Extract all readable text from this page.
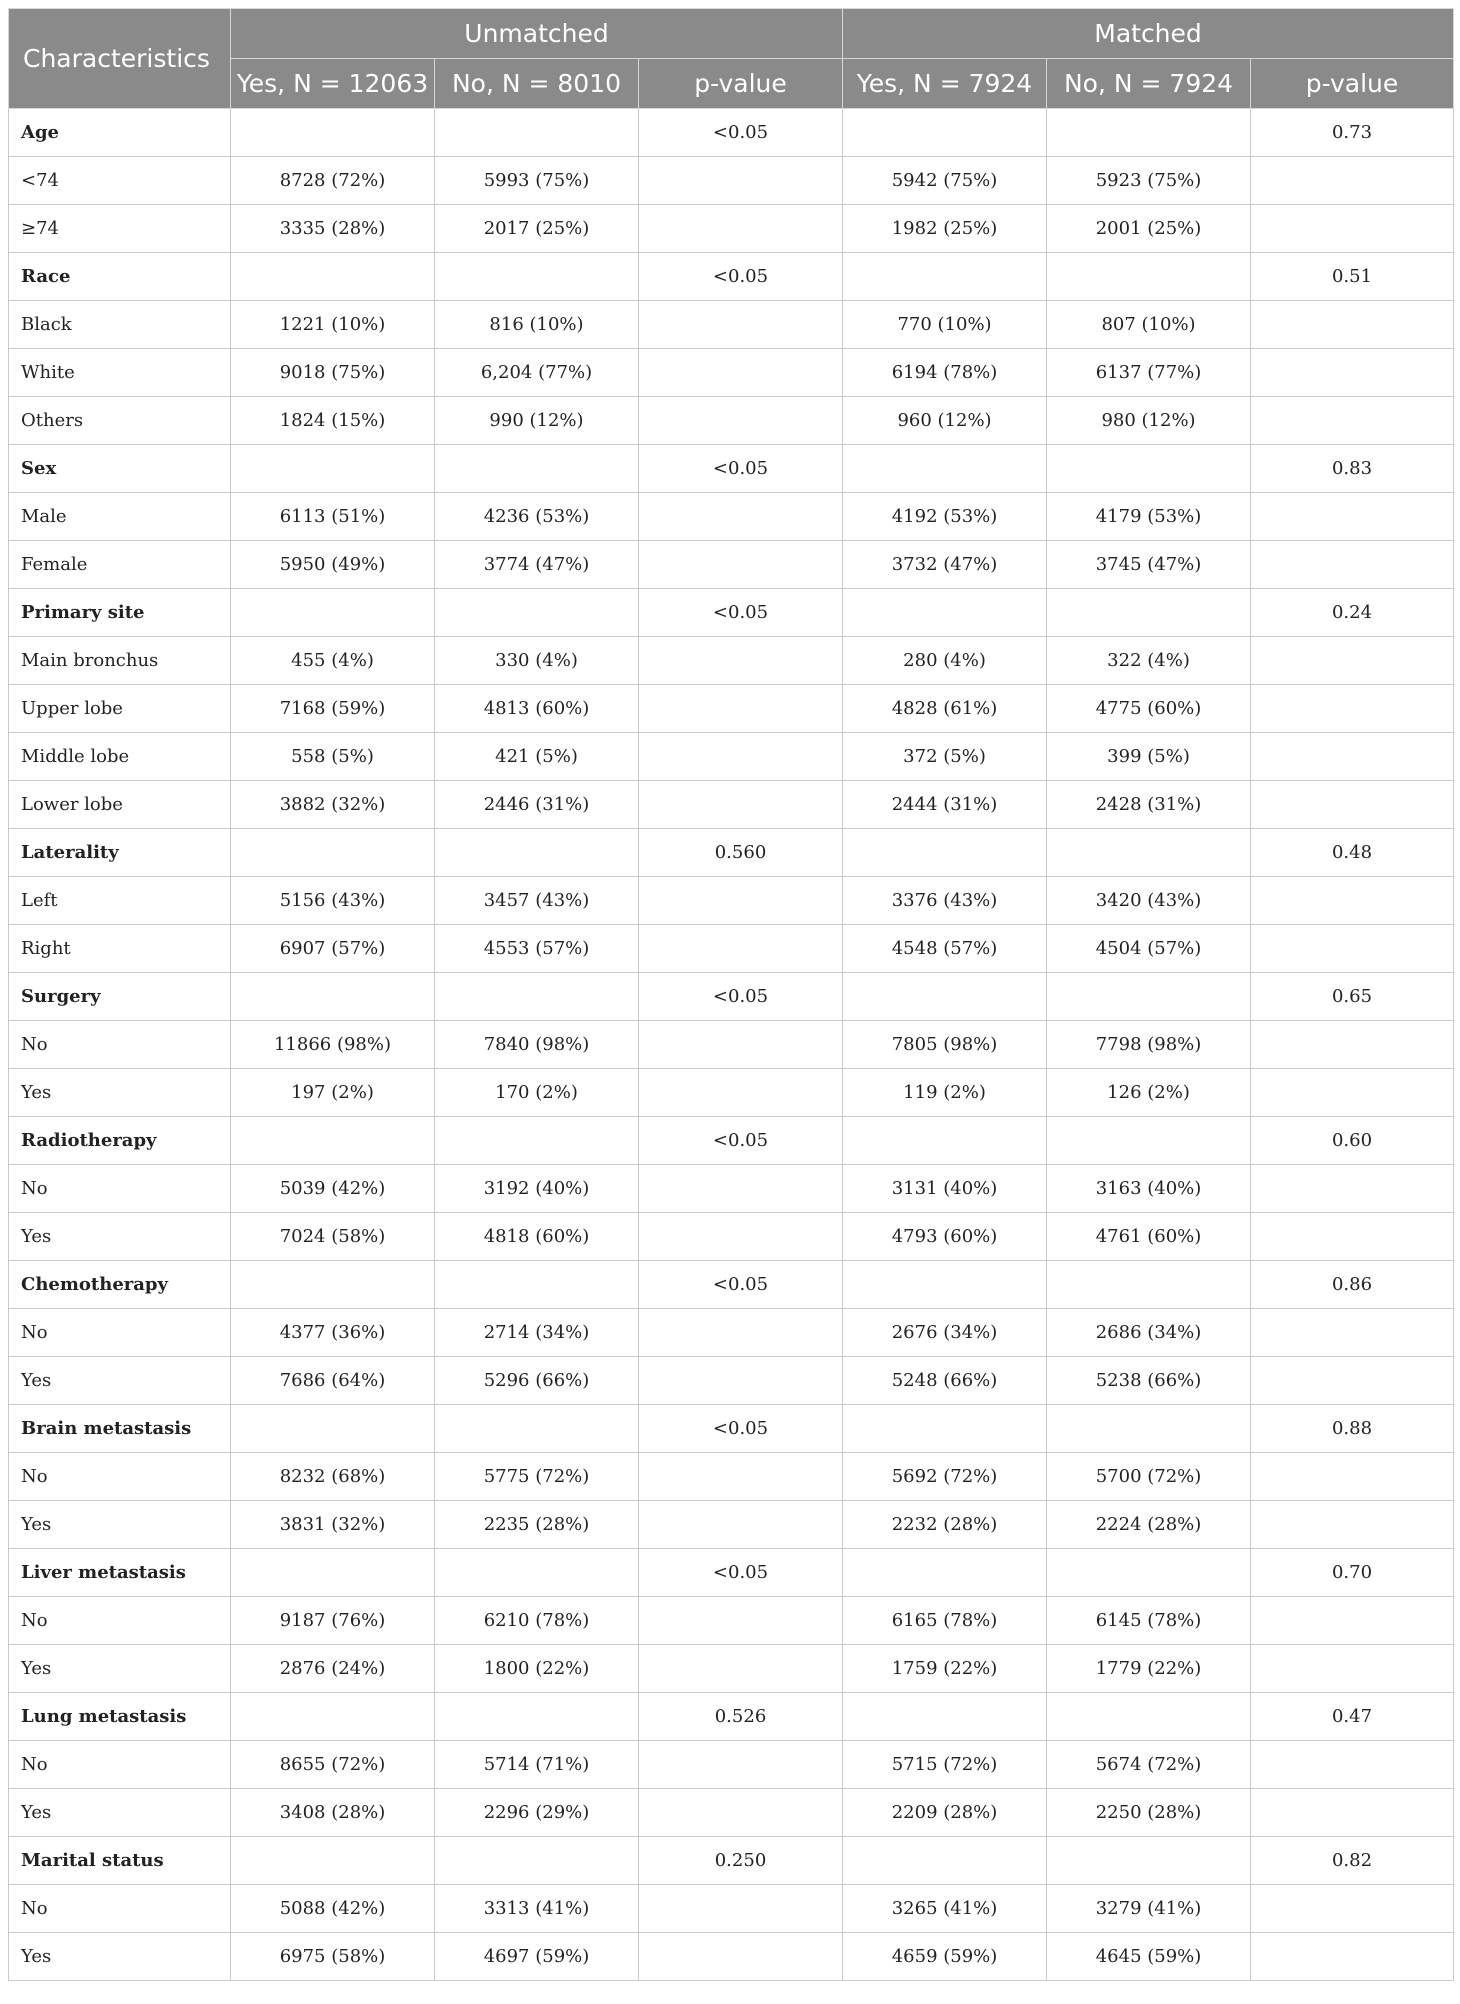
Characteristics	Unmatched			Matched		
	Yes, N = 12063	No, N = 8010	p-value	Yes, N = 7924	No, N = 7924	p-value
Age			<0.05			0.73
<74	8728 (72%)	5993 (75%)		5942 (75%)	5923 (75%)	
≥74	3335 (28%)	2017 (25%)		1982 (25%)	2001 (25%)	
Race			<0.05			0.51
Black	1221 (10%)	816 (10%)		770 (10%)	807 (10%)	
White	9018 (75%)	6,204 (77%)		6194 (78%)	6137 (77%)	
Others	1824 (15%)	990 (12%)		960 (12%)	980 (12%)	
Sex			<0.05			0.83
Male	6113 (51%)	4236 (53%)		4192 (53%)	4179 (53%)	
Female	5950 (49%)	3774 (47%)		3732 (47%)	3745 (47%)	
Primary site			<0.05			0.24
Main bronchus	455 (4%)	330 (4%)		280 (4%)	322 (4%)	
Upper lobe	7168 (59%)	4813 (60%)		4828 (61%)	4775 (60%)	
Middle lobe	558 (5%)	421 (5%)		372 (5%)	399 (5%)	
Lower lobe	3882 (32%)	2446 (31%)		2444 (31%)	2428 (31%)	
Laterality			0.560			0.48
Left	5156 (43%)	3457 (43%)		3376 (43%)	3420 (43%)	
Right	6907 (57%)	4553 (57%)		4548 (57%)	4504 (57%)	
Surgery			<0.05			0.65
No	11866 (98%)	7840 (98%)		7805 (98%)	7798 (98%)	
Yes	197 (2%)	170 (2%)		119 (2%)	126 (2%)	
Radiotherapy			<0.05			0.60
No	5039 (42%)	3192 (40%)		3131 (40%)	3163 (40%)	
Yes	7024 (58%)	4818 (60%)		4793 (60%)	4761 (60%)	
Chemotherapy			<0.05			0.86
No	4377 (36%)	2714 (34%)		2676 (34%)	2686 (34%)	
Yes	7686 (64%)	5296 (66%)		5248 (66%)	5238 (66%)	
Brain metastasis			<0.05			0.88
No	8232 (68%)	5775 (72%)		5692 (72%)	5700 (72%)	
Yes	3831 (32%)	2235 (28%)		2232 (28%)	2224 (28%)	
Liver metastasis			<0.05			0.70
No	9187 (76%)	6210 (78%)		6165 (78%)	6145 (78%)	
Yes	2876 (24%)	1800 (22%)		1759 (22%)	1779 (22%)	
Lung metastasis			0.526			0.47
No	8655 (72%)	5714 (71%)		5715 (72%)	5674 (72%)	
Yes	3408 (28%)	2296 (29%)		2209 (28%)	2250 (28%)	
Marital status			0.250			0.82
No	5088 (42%)	3313 (41%)		3265 (41%)	3279 (41%)	
Yes	6975 (58%)	4697 (59%)		4659 (59%)	4645 (59%)	
